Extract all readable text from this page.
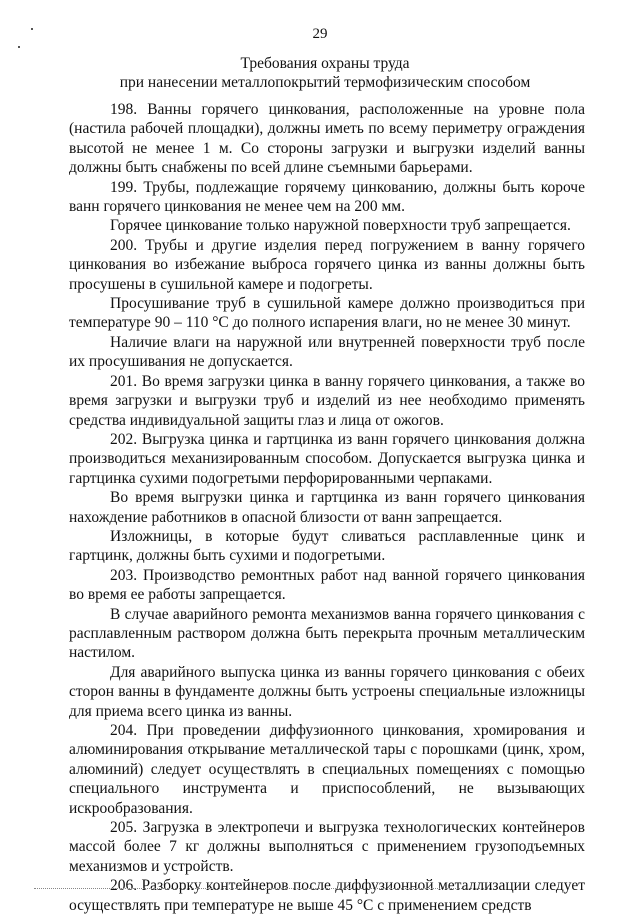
29
Требования охраны труда
при нанесении металлопокрытий термофизическим способом

198. Ванны горячего цинкования, расположенные на уровне пола (настила рабочей площадки), должны иметь по всему периметру ограждения высотой не менее 1 м. Со стороны загрузки и выгрузки изделий ванны должны быть снабжены по всей длине съемными барьерами.

199. Трубы, подлежащие горячему цинкованию, должны быть короче ванн горячего цинкования не менее чем на 200 мм.

Горячее цинкование только наружной поверхности труб запрещается.

200. Трубы и другие изделия перед погружением в ванну горячего цинкования во избежание выброса горячего цинка из ванны должны быть просушены в сушильной камере и подогреты.

Просушивание труб в сушильной камере должно производиться при температуре 90 – 110 °С до полного испарения влаги, но не менее 30 минут.

Наличие влаги на наружной или внутренней поверхности труб после их просушивания не допускается.

201. Во время загрузки цинка в ванну горячего цинкования, а также во время загрузки и выгрузки труб и изделий из нее необходимо применять средства индивидуальной защиты глаз и лица от ожогов.

202. Выгрузка цинка и гартцинка из ванн горячего цинкования должна производиться механизированным способом. Допускается выгрузка цинка и гартцинка сухими подогретыми перфорированными черпаками.

Во время выгрузки цинка и гартцинка из ванн горячего цинкования нахождение работников в опасной близости от ванн запрещается.

Изложницы, в которые будут сливаться расплавленные цинк и гартцинк, должны быть сухими и подогретыми.

203. Производство ремонтных работ над ванной горячего цинкования во время ее работы запрещается.

В случае аварийного ремонта механизмов ванна горячего цинкования с расплавленным раствором должна быть перекрыта прочным металлическим настилом.

Для аварийного выпуска цинка из ванны горячего цинкования с обеих сторон ванны в фундаменте должны быть устроены специальные изложницы для приема всего цинка из ванны.

204. При проведении диффузионного цинкования, хромирования и алюминирования открывание металлической тары с порошками (цинк, хром, алюминий) следует осуществлять в специальных помещениях с помощью специального инструмента и приспособлений, не вызывающих искрообразования.

205. Загрузка в электропечи и выгрузка технологических контейнеров массой более 7 кг должны выполняться с применением грузоподъемных механизмов и устройств.

206. Разборку контейнеров после диффузионной металлизации следует осуществлять при температуре не выше 45 °С с применением средств
